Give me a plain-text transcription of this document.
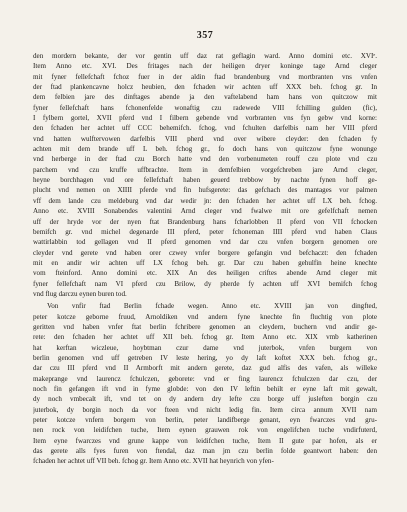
357
den mordern bekante, der vor gentin uff daz rat geflagin ward. Anno domini etc. XVIᵉ.
Item Anno etc. XVI. Des fritages nach der heiligen dryer koninge tage Arnd cleger
mit fyner fellefchaft fchoz fuer in der aldin ftad brandenburg vnd mortbranten vns vnfen
der ftad plankencavne holcz heubien, den fchaden wir achten uff XXX beh. fchog gr. In
dem felbien jare des dinftages abende ja den vaftelabend ham hans von quitczow mit
fyner fellefchaft hans fchonenfelde wonaftig czu radewede VIII fchilling gulden (fic),
I fylbern gortel, XVII pferd vnd I filbern gebende vnd vorbranten vns fyn gebw vnd korne:
den fchaden her achtet uff CCC behemifch. fchog, vnd fchulten darfelbis nam her VIII pferd
vnd hatten wulftervowen darfelbis VIII pherd vnd over wibere cleyder: den fchaden fy
achten mit dem brande uff L beh. fchog gr., fo doch hans von quitczow fyne wonunge
vnd herberge in der ftad czu Borch hatte vnd den vorbenumeten rouff czu plote vnd czu
parchem vnd czu kruffe uffbrachte. Item in demfelbien vorgefchreben jare Arnd cleger,
heyne borchhagen vnd ore fellefchaft haben geuerd trebbow by nachte fynen hoff ge-
plucht vnd nemen on XIIII pferde vnd fin hufsgerete: das gefchach des mantages vor palmen
vff dem lande czu meldeburg vnd dar wedir jn: den fchaden her achtet uff LX beh. fchog.
Anno etc. XVIII Sonabendes valentini Arnd cleger vnd fwalwe mit ore gefelfchaft nemen
uff der hryde vor der nyen ftat Brandenburg hans fcharlobben II pferd von VII fchocken
bemifch gr. vnd michel degenarde III pferd, peter fchoneman IIII pferd vnd haben Claus
wattirlabbin tod gellagen vnd II pferd genomen vnd dar czu vnfen borgern genomen ore
cleyder vnd gerete vnd haben orer czwey vnfer borgere gefangin vnd befchaczt: den fchaden
mit en andir wir achten uff LX fchog beh. gr. Dar czu haben gehulfin heine knechte
vom fteinford. Anno domini etc. XIX An des heiligen criftes abende Arnd cleger mit
fyner fellefchaft nam VI pferd czu Brilow, dy pherde fy achten uff XVI bemifch fchog
vnd flug darczu eynen buren tod.
Von vnfir ftad Berlin fchade wegen. Anno etc. XVIII jan von dingfted,
peter kotcze geborne fruud, Arnoldiken vnd andern fyne knechte fin fluchtig von plote
geritten vnd haben vnfer ftat berlin fchribere genomen an cleydern, buchern vnd andir ge-
rete: den fchaden her achtet uff XII beh. fchog gr. Item Anno etc. XIX vmb katherinen
hat kerftan wiczleue, hoybtman czur dame vnd juterbok, vnfen burgern von
berlin genomen vnd uff getreben IV leste hering, yo dy laft koftet XXX beh. fchog gr.,
dar czu III pferd vnd II Armborft mit andern gerete, daz gud alfis des vafen, als willeke
makeprange vnd laurencz fchulczen, geborete: vnd er fing laurencz fchulczen dar czu, der
noch fin gefangen ift vnd in fyme globde: von den IV leftin behilt er eyne laft mit gewalt,
dy noch vmbecalt ift, vnd tet on dy andern dry lefte czu borge uff jusleften borgin czu
juterbok, dy borgin noch da vor fteen vnd nicht ledig fin. Item circa annum XVII nam
peter kotcze vnfern borgern von berlin, peter landifberge genant, eyn fwarczes vnd gru-
nen rock von leidifchen tuche, Item eynen grauwen rok von engelifchen tuche vndirfuterd,
Item eyne fwarczes vnd grune kappe von leidifchen tuche, Item II gute par hofen, als er
das gerete alls fyes furen von ftendal, daz man jm czu berlin folde geantwort haben: den
fchaden her achtet uff VII beh. fchog gr. Item Anno etc. XVII hat heynrich von yfen-
